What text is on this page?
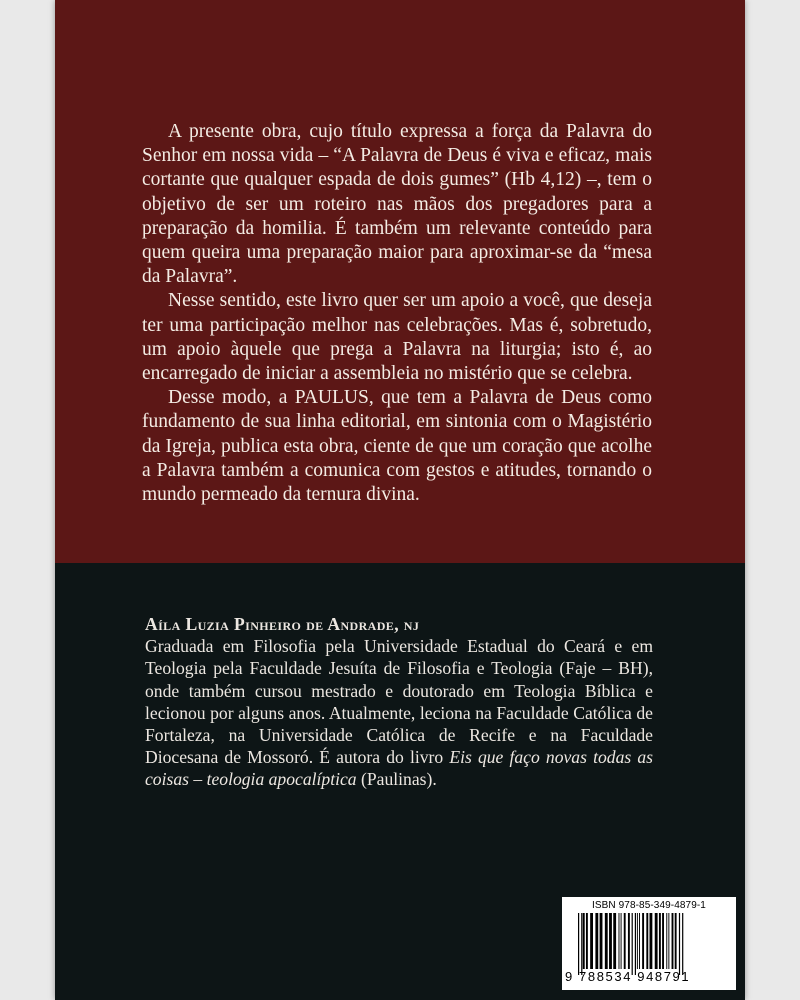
A presente obra, cujo título expressa a força da Palavra do Senhor em nossa vida – “A Palavra de Deus é viva e eficaz, mais cortante que qualquer espada de dois gumes” (Hb 4,12) –, tem o objetivo de ser um roteiro nas mãos dos pregadores para a preparação da homilia. É também um relevante conteúdo para quem queira uma preparação maior para aproximar-se da “mesa da Palavra”.

Nesse sentido, este livro quer ser um apoio a você, que deseja ter uma participação melhor nas celebrações. Mas é, sobretudo, um apoio àquele que prega a Palavra na liturgia; isto é, ao encarregado de iniciar a assembleia no mistério que se celebra.

Desse modo, a PAULUS, que tem a Palavra de Deus como fundamento de sua linha editorial, em sintonia com o Magistério da Igreja, publica esta obra, ciente de que um coração que acolhe a Palavra também a comunica com gestos e atitudes, tornando o mundo permeado da ternura divina.

Aíla Luzia Pinheiro de Andrade, nj

Graduada em Filosofia pela Universidade Estadual do Ceará e em Teologia pela Faculdade Jesuíta de Filosofia e Teologia (Faje – BH), onde também cursou mestrado e doutorado em Teologia Bíblica e lecionou por alguns anos. Atualmente, leciona na Faculdade Católica de Fortaleza, na Universidade Católica de Recife e na Faculdade Diocesana de Mossoró. É autora do livro Eis que faço novas todas as coisas – teologia apocalíptica (Paulinas).

ISBN 978-85-349-4879-1
9 788534 948791
